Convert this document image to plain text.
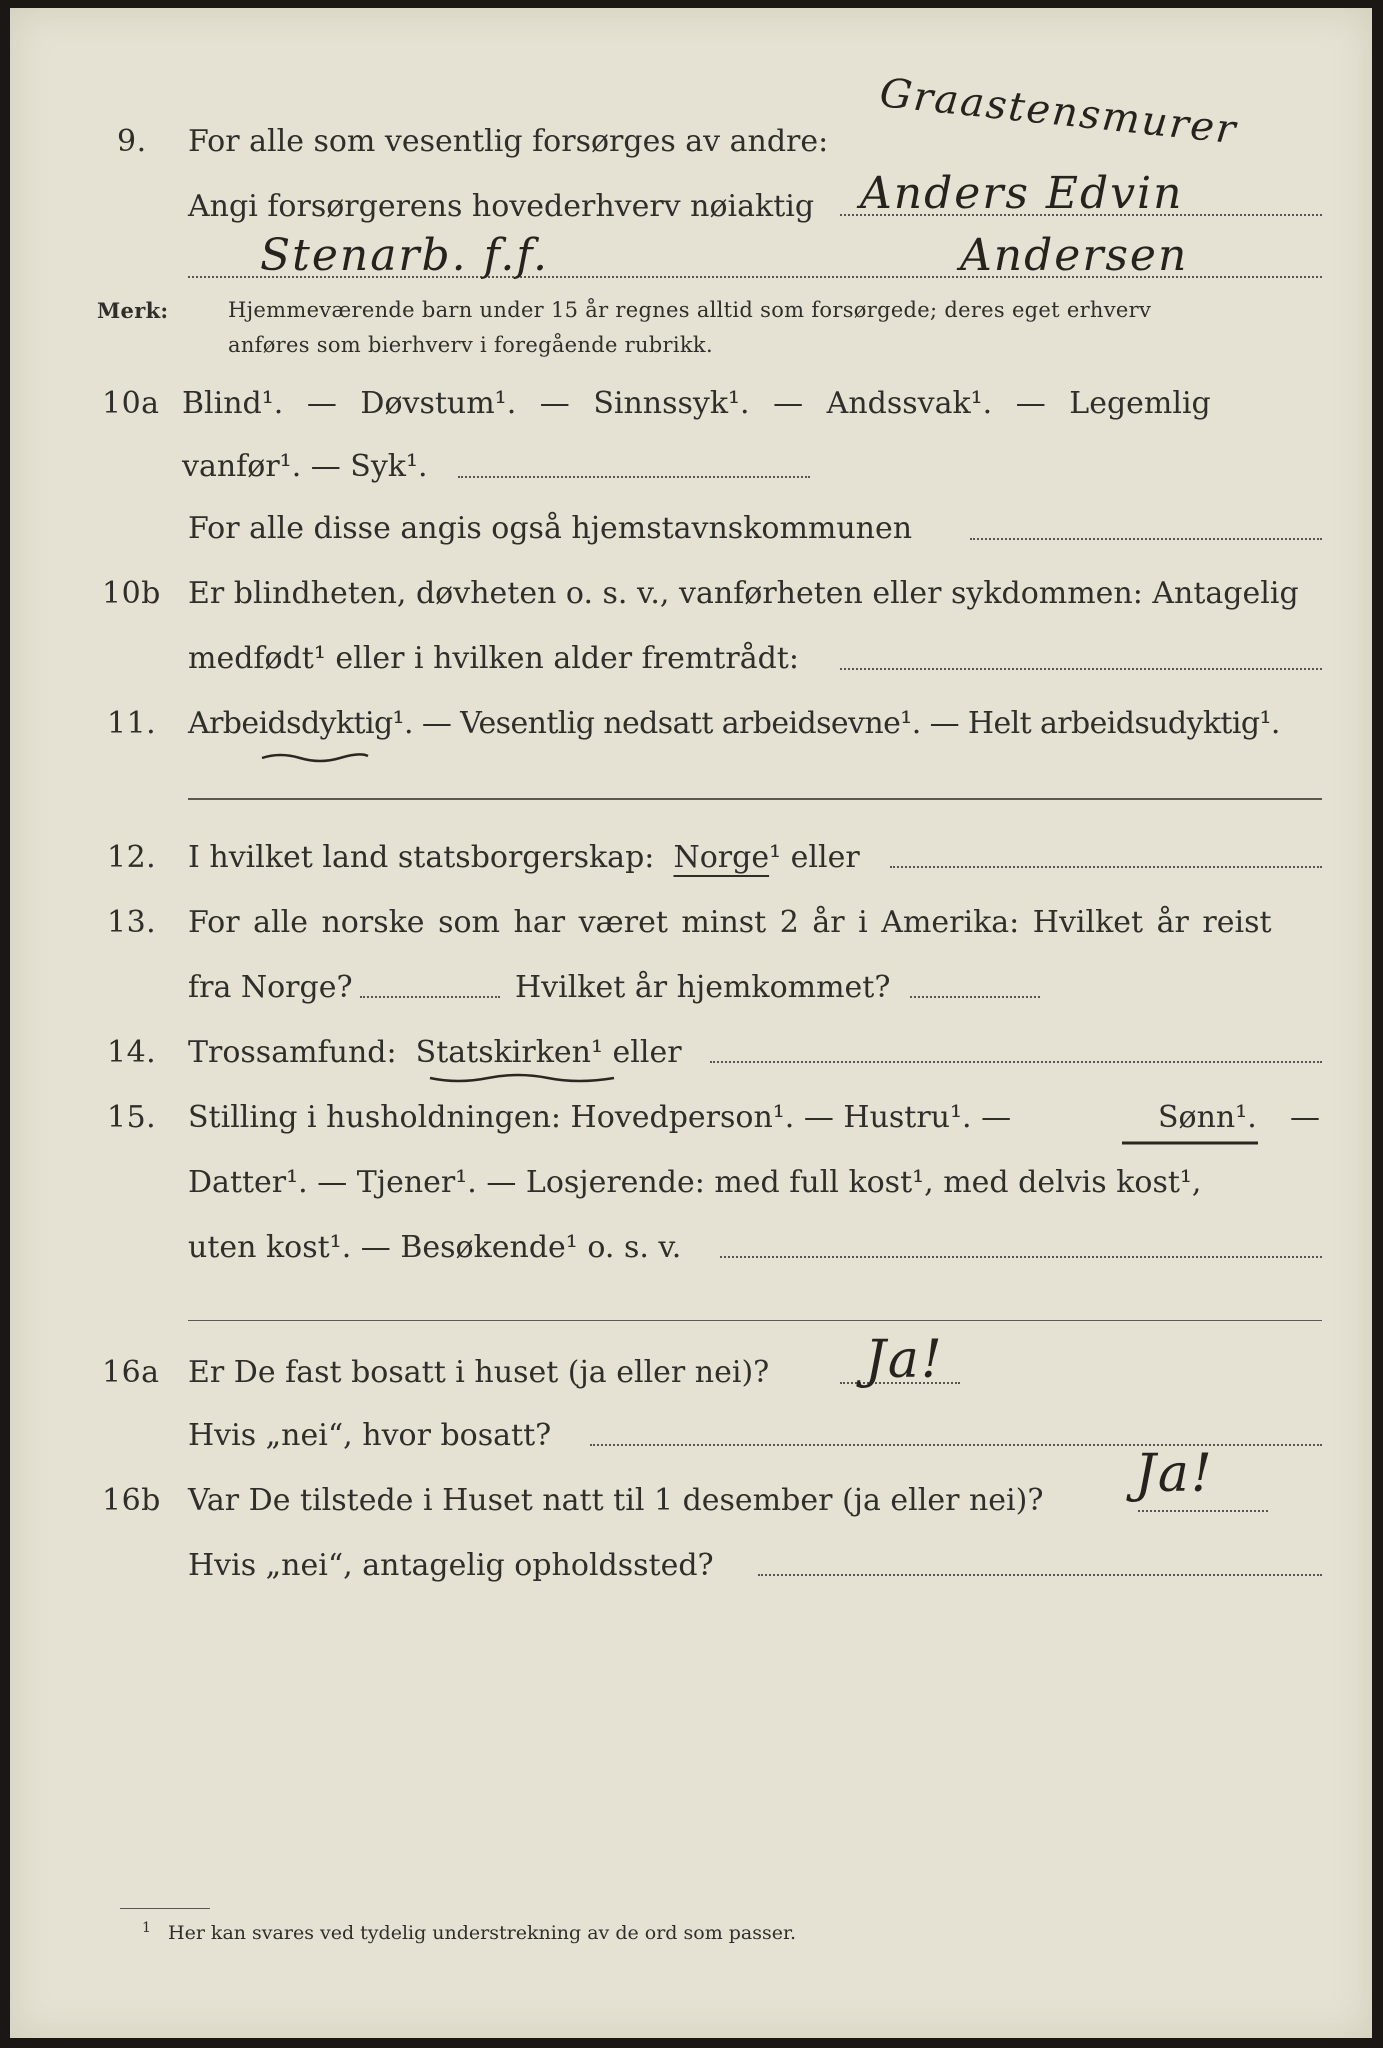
9. For alle som vesentlig forsørges av andre: Graastensmurer
Angi forsørgerens hovederhverv nøiaktig Anders Edvin
Stenarb. f.f.	Andersen
Merk:	Hjemmeværende barn under 15 år regnes alltid som forsørgede; deres eget erhverv
anføres som bierhverv i foregående rubrikk.
10a Blind¹. — Døvstum¹. — Sinnssyk¹. — Andssvak¹. — Legemlig
vanfør¹. — Syk¹.
For alle disse angis også hjemstavnskommunen
10b Er blindheten, døvheten o. s. v., vanførheten eller sykdommen: Antagelig
medfødt¹ eller i hvilken alder fremtrådt:
11. Arbeidsdyktig¹. — Vesentlig nedsatt arbeidsevne¹. — Helt arbeidsudyktig¹.
12. I hvilket land statsborgerskap: Norge¹ eller
13. For alle norske som har været minst 2 år i Amerika: Hvilket år reist
fra Norge?	Hvilket år hjemkommet?
14. Trossamfund: Statskirken¹ eller
15. Stilling i husholdningen: Hovedperson¹. — Hustru¹. —	Sønn¹. —
Datter¹. — Tjener¹. — Losjerende: med full kost¹, med delvis kost¹,
uten kost¹. — Besøkende¹ o. s. v.
16a Er De fast bosatt i huset (ja eller nei)? Ja!
Hvis „nei“, hvor bosatt?
16b Var De tilstede i Huset natt til 1 desember (ja eller nei)? Ja!
Hvis „nei“, antagelig opholdssted?
1 Her kan svares ved tydelig understrekning av de ord som passer.
